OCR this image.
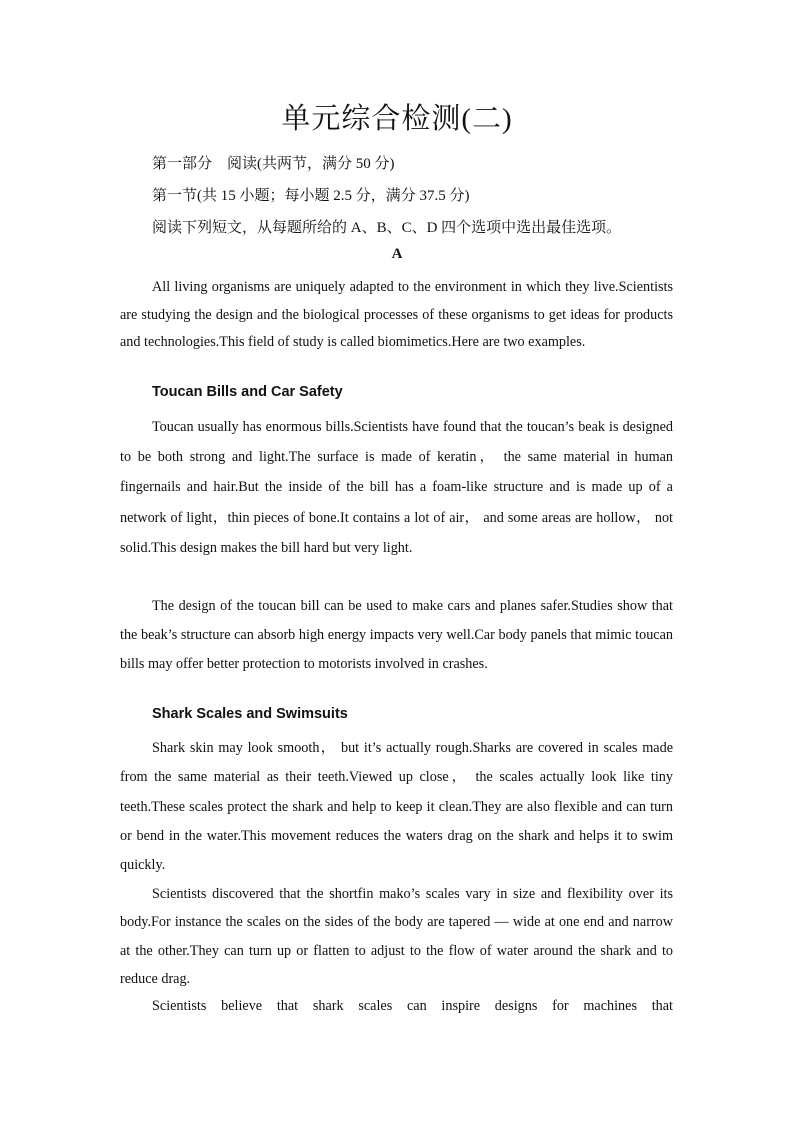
单元综合检测(二)
第一部分　阅读(共两节，满分 50 分)
第一节(共 15 小题；每小题 2.5 分，满分 37.5 分)
阅读下列短文，从每题所给的 A、B、C、D 四个选项中选出最佳选项。
A

All living organisms are uniquely adapted to the environment in which they live.Scientists are studying the design and the biological processes of these organisms to get ideas for products and technologies.This field of study is called biomimetics.Here are two examples.

Toucan Bills and Car Safety

Toucan usually has enormous bills.Scientists have found that the toucan’s beak is designed to be both strong and light.The surface is made of keratin， the same material in human fingernails and hair.But the inside of the bill has a foam-like structure and is made up of a network of light，thin pieces of bone.It contains a lot of air， and some areas are hollow， not solid.This design makes the bill hard but very light.

The design of the toucan bill can be used to make cars and planes safer.Studies show that the beak’s structure can absorb high energy impacts very well.Car body panels that mimic toucan bills may offer better protection to motorists involved in crashes.

Shark Scales and Swimsuits

Shark skin may look smooth， but it’s actually rough.Sharks are covered in scales made from the same material as their teeth.Viewed up close， the scales actually look like tiny teeth.These scales protect the shark and help to keep it clean.They are also flexible and can turn or bend in the water.This movement reduces the waters drag on the shark and helps it to swim quickly.

Scientists discovered that the shortfin mako’s scales vary in size and flexibility over its body.For instance the scales on the sides of the body are tapered — wide at one end and narrow at the other.They can turn up or flatten to adjust to the flow of water around the shark and to reduce drag.

Scientists believe that shark scales can inspire designs for machines that
